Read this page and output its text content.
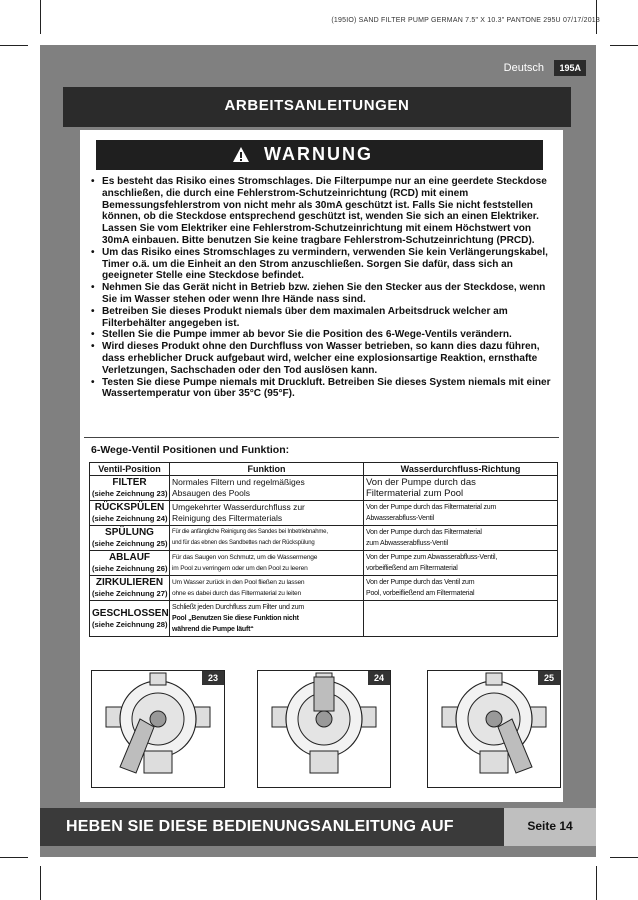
(195IO) SAND FILTER PUMP GERMAN 7.5" X 10.3" PANTONE 295U 07/17/2013
Deutsch	195A
ARBEITSANLEITUNGEN
WARNUNG
• Es besteht das Risiko eines Stromschlages. Die Filterpumpe nur an eine geerdete Steckdose anschließen, die durch eine Fehlerstrom-Schutzeinrichtung (RCD) mit einem Bemessungsfehlerstrom von nicht mehr als 30mA geschützt ist. Falls Sie nicht feststellen können, ob die Steckdose entsprechend geschützt ist, wenden Sie sich an einen Elektriker. Lassen Sie vom Elektriker eine Fehlerstrom-Schutzeinrichtung mit einem Höchstwert von 30mA einbauen. Bitte benutzen Sie keine tragbare Fehlerstrom-Schutzeinrichtung (PRCD).
• Um das Risiko eines Stromschlages zu vermindern, verwenden Sie kein Verlängerungskabel, Timer o.ä. um die Einheit an den Strom anzuschließen. Sorgen Sie dafür, dass sich an geeigneter Stelle eine Steckdose befindet.
• Nehmen Sie das Gerät nicht in Betrieb bzw. ziehen Sie den Stecker aus der Steckdose, wenn Sie im Wasser stehen oder wenn Ihre Hände nass sind.
• Betreiben Sie dieses Produkt niemals über dem maximalen Arbeitsdruck welcher am Filterbehälter angegeben ist.
• Stellen Sie die Pumpe immer ab bevor Sie die Position des 6-Wege-Ventils verändern.
• Wird dieses Produkt ohne den Durchfluss von Wasser betrieben, so kann dies dazu führen, dass erheblicher Druck aufgebaut wird, welcher eine explosionsartige Reaktion, ernsthafte Verletzungen, Sachschaden oder den Tod auslösen kann.
• Testen Sie diese Pumpe niemals mit Druckluft. Betreiben Sie dieses System niemals mit einer Wassertemperatur von über 35°C (95°F).
6-Wege-Ventil Positionen und Funktion:
Ventil-Position	Funktion	Wasserdurchfluss-Richtung

FILTER
(siehe Zeichnung 23)	Normales Filtern und regelmäßiges
Absaugen des Pools	Von der Pumpe durch das
Filtermaterial zum Pool

RÜCKSPÜLEN
(siehe Zeichnung 24)	Umgekehrter Wasserdurchfluss zur
Reinigung des Filtermaterials	Von der Pumpe durch das Filtermaterial zum
Abwasserabfluss-Ventil

SPÜLUNG
(siehe Zeichnung 25)	Für die anfängliche Reinigung des Sandes bei Inbetriebnahme,
und für das ebnen des Sandbettes nach der Rückspülung	Von der Pumpe durch das Filtermaterial
zum Abwasserabfluss-Ventil

ABLAUF
(siehe Zeichnung 26)	Für das Saugen von Schmutz, um die Wassermenge
im Pool zu verringern oder um den Pool zu leeren	Von der Pumpe zum Abwasserabfluss-Ventil,
vorbeifließend am Filtermaterial

ZIRKULIEREN
(siehe Zeichnung 27)	Um Wasser zurück in den Pool fließen zu lassen
ohne es dabei durch das Filtermaterial zu leiten	Von der Pumpe durch das Ventil zum
Pool, vorbeifließend am Filtermaterial

GESCHLOSSEN
(siehe Zeichnung 28)	Schließt jeden Durchfluss zum Filter und zum
Pool „Benutzen Sie diese Funktion nicht
während die Pumpe läuft“	

23	24	25
HEBEN SIE DIESE BEDIENUNGSANLEITUNG AUF	Seite 14
